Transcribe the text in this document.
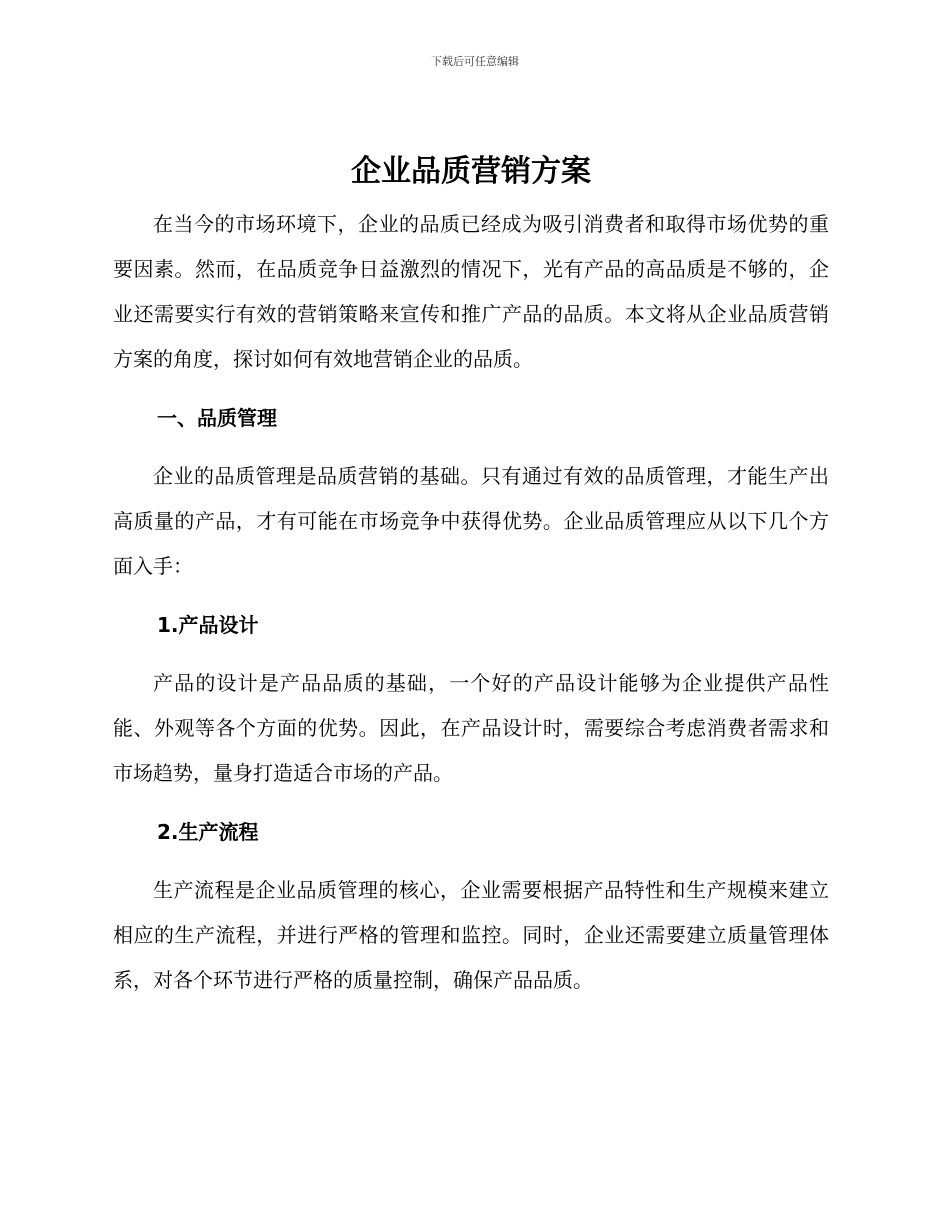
下载后可任意编辑
企业品质营销方案

在当今的市场环境下，企业的品质已经成为吸引消费者和取得市场优势的重要因素。然而，在品质竞争日益激烈的情况下，光有产品的高品质是不够的，企业还需要实行有效的营销策略来宣传和推广产品的品质。本文将从企业品质营销方案的角度，探讨如何有效地营销企业的品质。

一、品质管理

企业的品质管理是品质营销的基础。只有通过有效的品质管理，才能生产出高质量的产品，才有可能在市场竞争中获得优势。企业品质管理应从以下几个方面入手：

1.产品设计

产品的设计是产品品质的基础，一个好的产品设计能够为企业提供产品性能、外观等各个方面的优势。因此，在产品设计时，需要综合考虑消费者需求和市场趋势，量身打造适合市场的产品。

2.生产流程

生产流程是企业品质管理的核心，企业需要根据产品特性和生产规模来建立相应的生产流程，并进行严格的管理和监控。同时，企业还需要建立质量管理体系，对各个环节进行严格的质量控制，确保产品品质。
